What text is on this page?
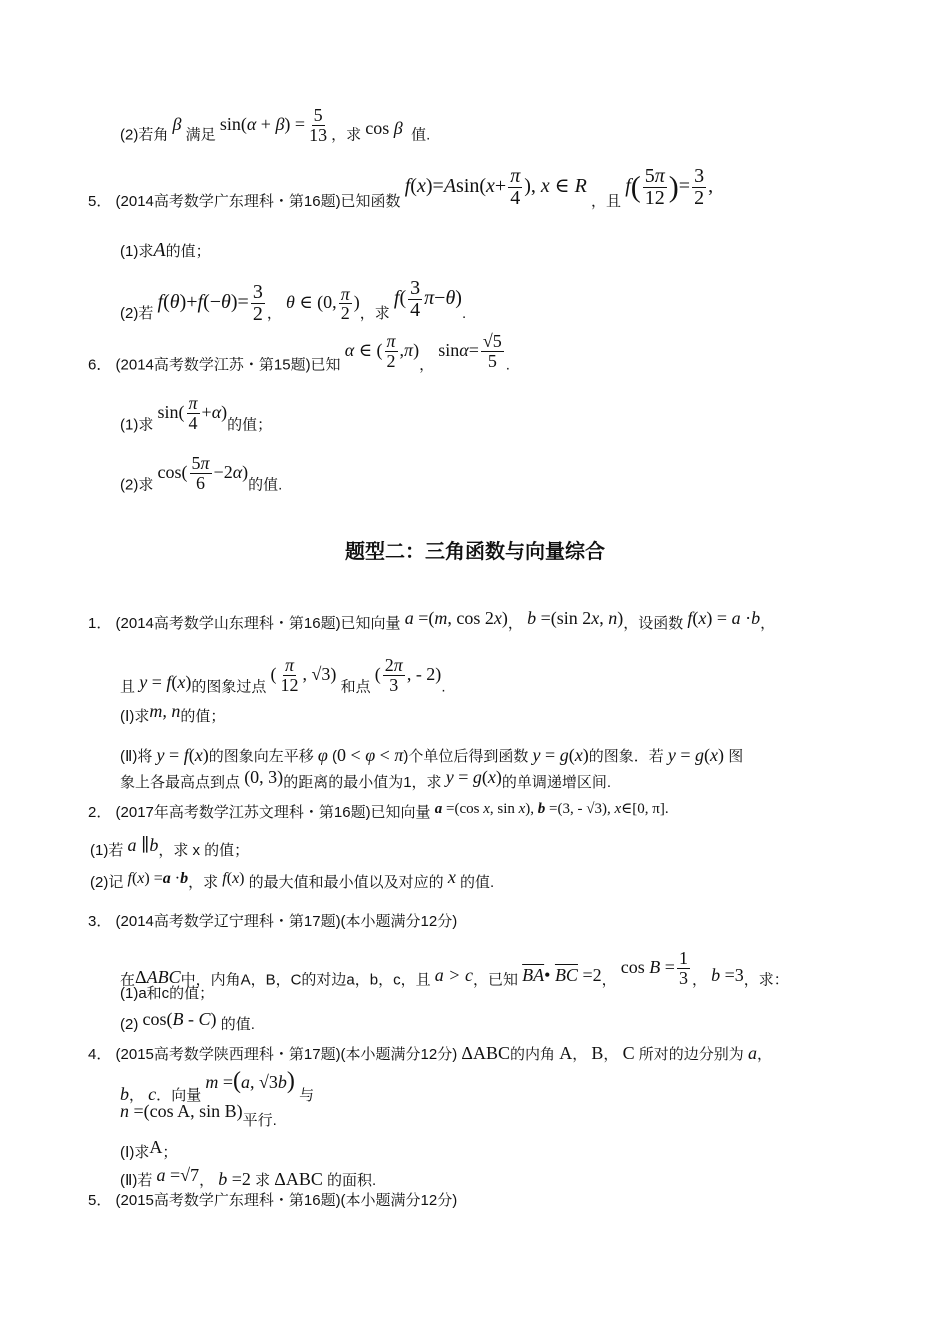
(2)若角 β 满足 $\sin(\alpha + \beta) = \frac{5}{13}$ ，求 cos β 值.
5． (2014高考数学广东理科・第16题)已知函数 $f(x)=Asin(x+ \frac{\pi}{4}$ ), x ∈ R ，且 $f( \frac{5\pi}{12}$ )= $\frac{3}{2}$ ,
(1)求A的值；
(2)若 $f(\theta)+f(-\theta)= \frac{3}{2}$ ， θ ∈ (0, $\frac{\pi}{2}$ )，求 $f( \frac{3}{4} \pi-\theta)$.
6． (2014高考数学江苏・第15题)已知 α ∈ ( $\frac{\pi}{2} ,\pi$)， $\sin\alpha= \frac{√5}{5}$ .
(1)求 $\sin( \frac{\pi}{4} +\alpha)$的值；
(2)求 $\cos( \frac{5\pi}{6} -2\alpha)$的值.
题型二：三角函数与向量综合
1． (2014高考数学山东理科・第16题)已知向量 a =(m, cos 2x)， b =(sin 2x, n)，设函数 f(x) = a ·b，
且 y = f(x)的图象过点 ( $\frac{\pi}{12}$ , √3) 和点 ( $\frac{2\pi}{3}$ , - 2).
(Ⅰ)求m, n的值；
(Ⅱ)将 y = f(x)的图象向左平移 φ (0 < φ < π)个单位后得到函数 y = g(x)的图象．若 y = g(x) 图
象上各最高点到点 (0, 3)的距离的最小值为1，求 y = g(x)的单调递增区间.
2． (2017年高考数学江苏文理科・第16题)已知向量 a =(cos x, sin x), b =(3, - √3), x∈[0, π].
(1)若 a ∥b，求 x 的值；
(2)记 f(x) =a ·b，求 f(x) 的最大值和最小值以及对应的 x 的值.
3． (2014高考数学辽宁理科・第17题)(本小题满分12分)
在ΔABC中，内角A，B，C的对边a，b，c，且 a > c，已知 $\overline{BA}•$ $\overline{BC} =2$， $\cos B = \frac{1}{3}$ ， b =3，求：
(1)a和c的值；
(2) cos(B - C) 的值.
4． (2015高考数学陕西理科・第17题)(本小题满分12分) ΔABC的内角 A， B， C 所对的边分别为 a，
b， c．向量 m =(a, √3b) 与
n =(cos A, sin B)平行.
(Ⅰ)求A；
(Ⅱ)若 a =√7， b =2 求 ΔABC 的面积.
5． (2015高考数学广东理科・第16题)(本小题满分12分)
